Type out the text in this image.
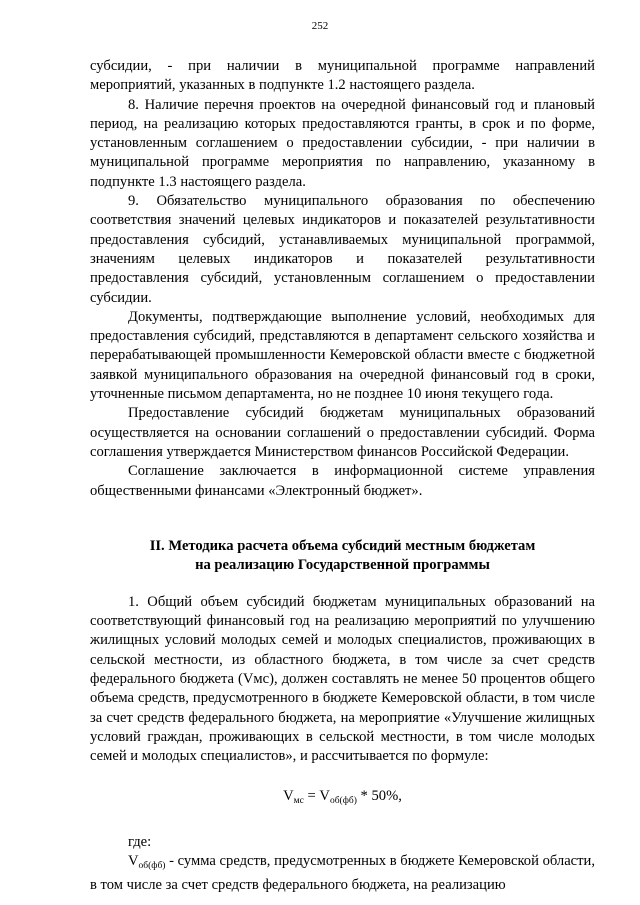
252

субсидии, - при наличии в муниципальной программе направлений мероприятий, указанных в подпункте 1.2 настоящего раздела.

8. Наличие перечня проектов на очередной финансовый год и плановый период, на реализацию которых предоставляются гранты, в срок и по форме, установленным соглашением о предоставлении субсидии, - при наличии в муниципальной программе мероприятия по направлению, указанному в подпункте 1.3 настоящего раздела.

9. Обязательство муниципального образования по обеспечению соответствия значений целевых индикаторов и показателей результативности предоставления субсидий, устанавливаемых муниципальной программой, значениям целевых индикаторов и показателей результативности предоставления субсидий, установленным соглашением о предоставлении субсидии.

Документы, подтверждающие выполнение условий, необходимых для предоставления субсидий, представляются в департамент сельского хозяйства и перерабатывающей промышленности Кемеровской области вместе с бюджетной заявкой муниципального образования на очередной финансовый год в сроки, уточненные письмом департамента, но не позднее 10 июня текущего года.

Предоставление субсидий бюджетам муниципальных образований осуществляется на основании соглашений о предоставлении субсидий. Форма соглашения утверждается Министерством финансов Российской Федерации.

Соглашение заключается в информационной системе управления общественными финансами «Электронный бюджет».

II. Методика расчета объема субсидий местным бюджетам
на реализацию Государственной программы

1. Общий объем субсидий бюджетам муниципальных образований на соответствующий финансовый год на реализацию мероприятий по улучшению жилищных условий молодых семей и молодых специалистов, проживающих в сельской местности, из областного бюджета, в том числе за счет средств федерального бюджета (Vмс), должен составлять не менее 50 процентов общего объема средств, предусмотренного в бюджете Кемеровской области, в том числе за счет средств федерального бюджета, на мероприятие «Улучшение жилищных условий граждан, проживающих в сельской местности, в том числе молодых семей и молодых специалистов», и рассчитывается по формуле:

$V_{мс} = V_{об(фб)} * 50\%$,

где:

$V_{об(фб)}$ - сумма средств, предусмотренных в бюджете Кемеровской области, в том числе за счет средств федерального бюджета, на реализацию
